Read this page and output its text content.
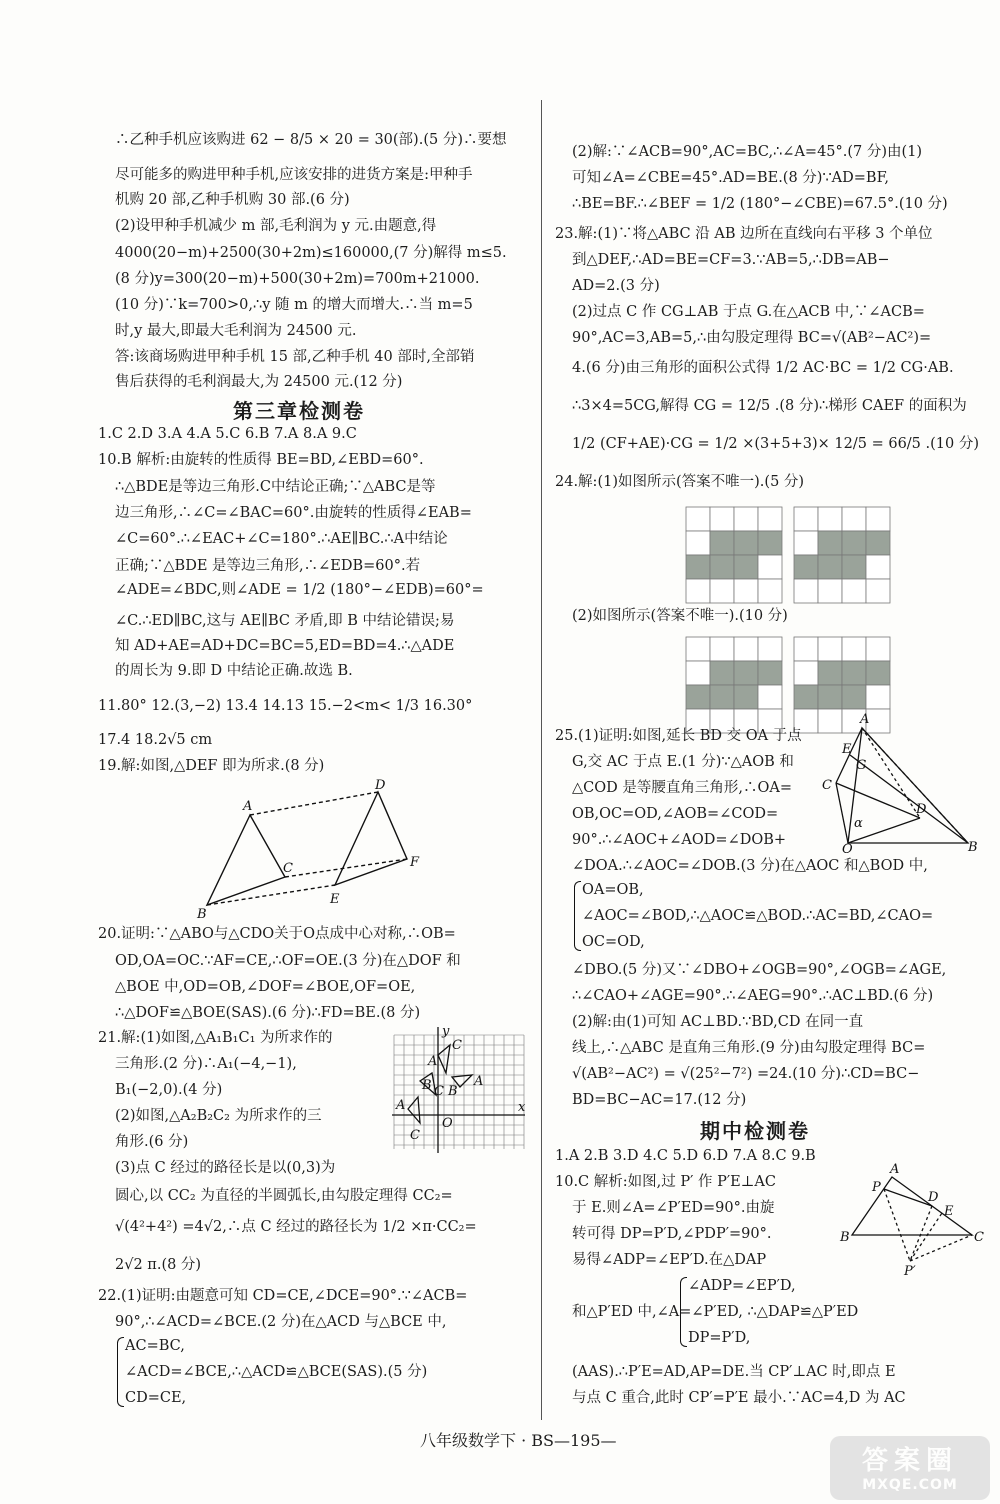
∴乙种手机应该购进 62 − 8/5 × 20 = 30(部).(5 分)∴要想
尽可能多的购进甲种手机,应该安排的进货方案是:甲种手
机购 20 部,乙种手机购 30 部.(6 分)
(2)设甲种手机减少 m 部,毛利润为 y 元.由题意,得
4000(20−m)+2500(30+2m)≤160000,(7 分)解得 m≤5.
(8 分)y=300(20−m)+500(30+2m)=700m+21000.
(10 分)∵k=700>0,∴y 随 m 的增大而增大.∴当 m=5
时,y 最大,即最大毛利润为 24500 元.
答:该商场购进甲种手机 15 部,乙种手机 40 部时,全部销
售后获得的毛利润最大,为 24500 元.(12 分)
第三章检测卷
1.C 2.D 3.A 4.A 5.C 6.B 7.A 8.A 9.C
10.B 解析:由旋转的性质得 BE=BD,∠EBD=60°.
∴△BDE是等边三角形.C中结论正确;∵△ABC是等
边三角形,∴∠C=∠BAC=60°.由旋转的性质得∠EAB=
∠C=60°.∴∠EAC+∠C=180°.∴AE∥BC.∴A中结论
正确;∵△BDE 是等边三角形,∴∠EDB=60°.若
∠ADE=∠BDC,则∠ADE = 1/2 (180°−∠EDB)=60°=
∠C.∴ED∥BC,这与 AE∥BC 矛盾,即 B 中结论错误;易
知 AD+AE=AD+DC=BC=5,ED=BD=4.∴△ADE
的周长为 9.即 D 中结论正确.故选 B.
11.80° 12.(3,−2) 13.4 14.13 15.−2<m< 1/3 16.30°
17.4 18.2√5 cm
19.解:如图,△DEF 即为所求.(8 分)
A
B
C
D
E
F
20.证明:∵△ABO与△CDO关于O点成中心对称,∴OB=
OD,OA=OC.∵AF=CE,∴OF=OE.(3 分)在△DOF 和
△BOE 中,OD=OB,∠DOF=∠BOE,OF=OE,
∴△DOF≌△BOE(SAS).(6 分)∴FD=BE.(8 分)
21.解:(1)如图,△A₁B₁C₁ 为所求作的
三角形.(2 分)∴A₁(−4,−1),
B₁(−2,0).(4 分)
(2)如图,△A₂B₂C₂ 为所求作的三
角形.(6 分)
(3)点 C 经过的路径长是以(0,3)为
圆心,以 CC₂ 为直径的半圆弧长,由勾股定理得 CC₂=
√(4²+4²) =4√2,∴点 C 经过的路径长为 1/2 ×π·CC₂=
2√2 π.(8 分)
22.(1)证明:由题意可知 CD=CE,∠DCE=90°.∵∠ACB=
90°,∴∠ACD=∠BCE.(2 分)在△ACD 与△BCE 中,
AC=BC,
∠ACD=∠BCE,∴△ACD≌△BCE(SAS).(5 分)
CD=CE,
y
x
O
A
B
C
A
C
A
B C
(2)解:∵∠ACB=90°,AC=BC,∴∠A=45°.(7 分)由(1)
可知∠A=∠CBE=45°.AD=BE.(8 分)∵AD=BF,
∴BE=BF.∴∠BEF = 1/2 (180°−∠CBE)=67.5°.(10 分)
23.解:(1)∵将△ABC 沿 AB 边所在直线向右平移 3 个单位
到△DEF,∴AD=BE=CF=3.∵AB=5,∴DB=AB−
AD=2.(3 分)
(2)过点 C 作 CG⊥AB 于点 G.在△ACB 中,∵∠ACB=
90°,AC=3,AB=5,∴由勾股定理得 BC=√(AB²−AC²)=
4.(6 分)由三角形的面积公式得 1/2 AC·BC = 1/2 CG·AB.
∴3×4=5CG,解得 CG = 12/5 .(8 分)∴梯形 CAEF 的面积为
1/2 (CF+AE)·CG = 1/2 ×(3+5+3)× 12/5 = 66/5 .(10 分)
24.解:(1)如图所示(答案不唯一).(5 分)
(2)如图所示(答案不唯一).(10 分)
25.(1)证明:如图,延长 BD 交 OA 于点
G,交 AC 于点 E.(1 分)∵△AOB 和
△COD 是等腰直角三角形,∴OA=
OB,OC=OD,∠AOB=∠COD=
90°.∴∠AOC+∠AOD=∠DOB+
∠DOA.∴∠AOC=∠DOB.(3 分)在△AOC 和△BOD 中,
OA=OB,
∠AOC=∠BOD,∴△AOC≌△BOD.∴AC=BD,∠CAO=
OC=OD,
∠DBO.(5 分)又∵∠DBO+∠OGB=90°,∠OGB=∠AGE,
∴∠CAO+∠AGE=90°.∴∠AEG=90°.∴AC⊥BD.(6 分)
(2)解:由(1)可知 AC⊥BD.∵BD,CD 在同一直
线上,∴△ABC 是直角三角形.(9 分)由勾股定理得 BC=
√(AB²−AC²) = √(25²−7²) =24.(10 分)∴CD=BC−
BD=BC−AC=17.(12 分)
A
E
G
C
D
α
O	B
期中检测卷
1.A 2.B 3.D 4.C 5.D 6.D 7.A 8.C 9.B
10.C 解析:如图,过 P′ 作 P′E⊥AC
于 E.则∠A=∠P′ED=90°.由旋
转可得 DP=P′D,∠PDP′=90°.
易得∠ADP=∠EP′D.在△DAP
∠ADP=∠EP′D,
和△P′ED 中,∠A=∠P′ED, ∴△DAP≌△P′ED
DP=P′D,
(AAS).∴P′E=AD,AP=DE.当 CP′⊥AC 时,即点 E
与点 C 重合,此时 CP′=P′E 最小.∵AC=4,D 为 AC
A
P
D
E
B	C
P′
八年级数学下 · BS—195—
答案圈
MXQE.COM
